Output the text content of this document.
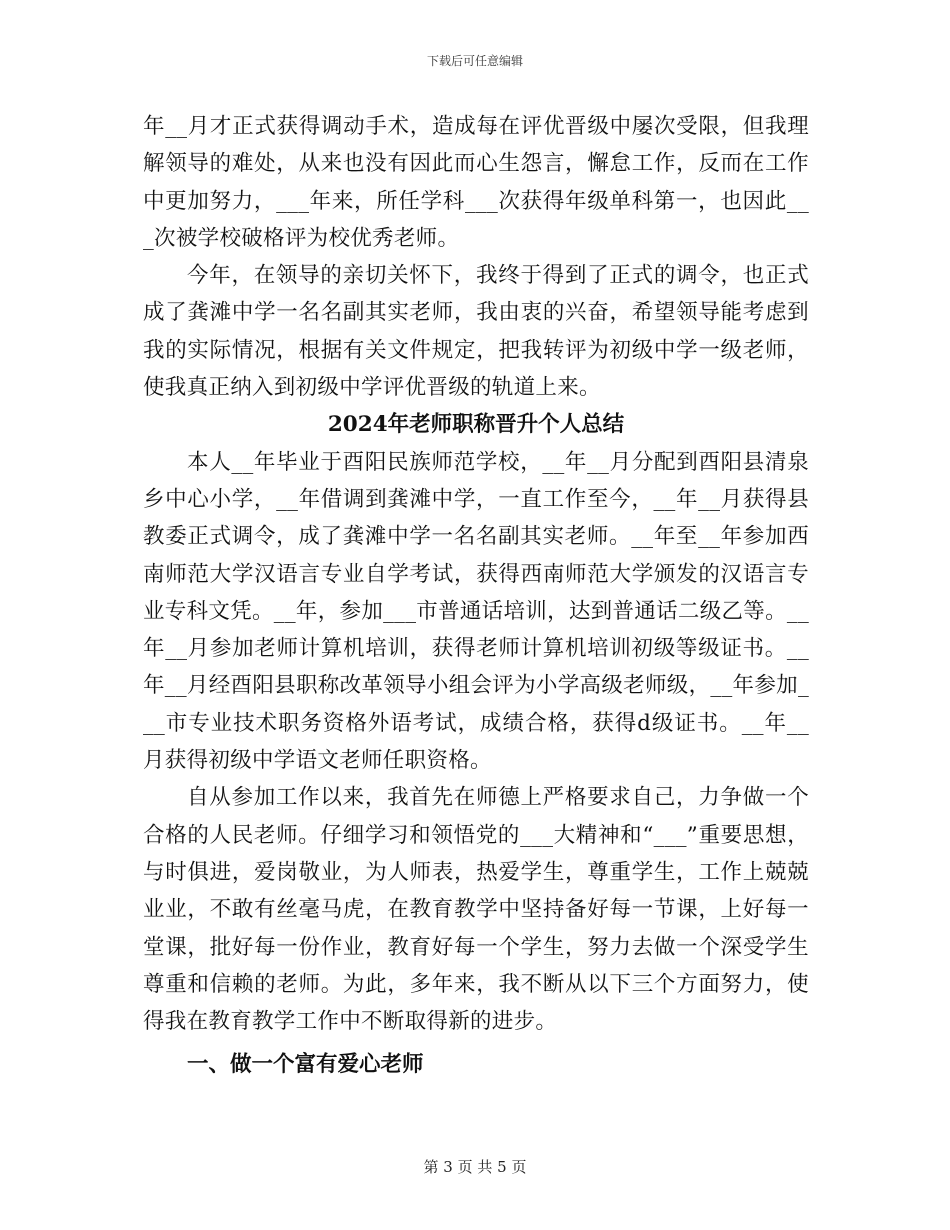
下载后可任意编辑

年__月才正式获得调动手术，造成每在评优晋级中屡次受限，但我理解领导的难处，从来也没有因此而心生怨言，懈怠工作，反而在工作中更加努力，___年来，所任学科___次获得年级单科第一，也因此___次被学校破格评为校优秀老师。

今年，在领导的亲切关怀下，我终于得到了正式的调令，也正式成了龚滩中学一名名副其实老师，我由衷的兴奋，希望领导能考虑到我的实际情况，根据有关文件规定，把我转评为初级中学一级老师，使我真正纳入到初级中学评优晋级的轨道上来。

2024年老师职称晋升个人总结

本人__年毕业于酉阳民族师范学校，__年__月分配到酉阳县清泉乡中心小学，__年借调到龚滩中学，一直工作至今，__年__月获得县教委正式调令，成了龚滩中学一名名副其实老师。__年至__年参加西南师范大学汉语言专业自学考试，获得西南师范大学颁发的汉语言专业专科文凭。__年，参加___市普通话培训，达到普通话二级乙等。__年__月参加老师计算机培训，获得老师计算机培训初级等级证书。__年__月经酉阳县职称改革领导小组会评为小学高级老师级，__年参加___市专业技术职务资格外语考试，成绩合格，获得d级证书。__年__月获得初级中学语文老师任职资格。

自从参加工作以来，我首先在师德上严格要求自己，力争做一个合格的人民老师。仔细学习和领悟党的___大精神和“___”重要思想，与时俱进，爱岗敬业，为人师表，热爱学生，尊重学生，工作上兢兢业业，不敢有丝毫马虎，在教育教学中坚持备好每一节课，上好每一堂课，批好每一份作业，教育好每一个学生，努力去做一个深受学生尊重和信赖的老师。为此，多年来，我不断从以下三个方面努力，使得我在教育教学工作中不断取得新的进步。

一、做一个富有爱心老师

第 3 页 共 5 页
